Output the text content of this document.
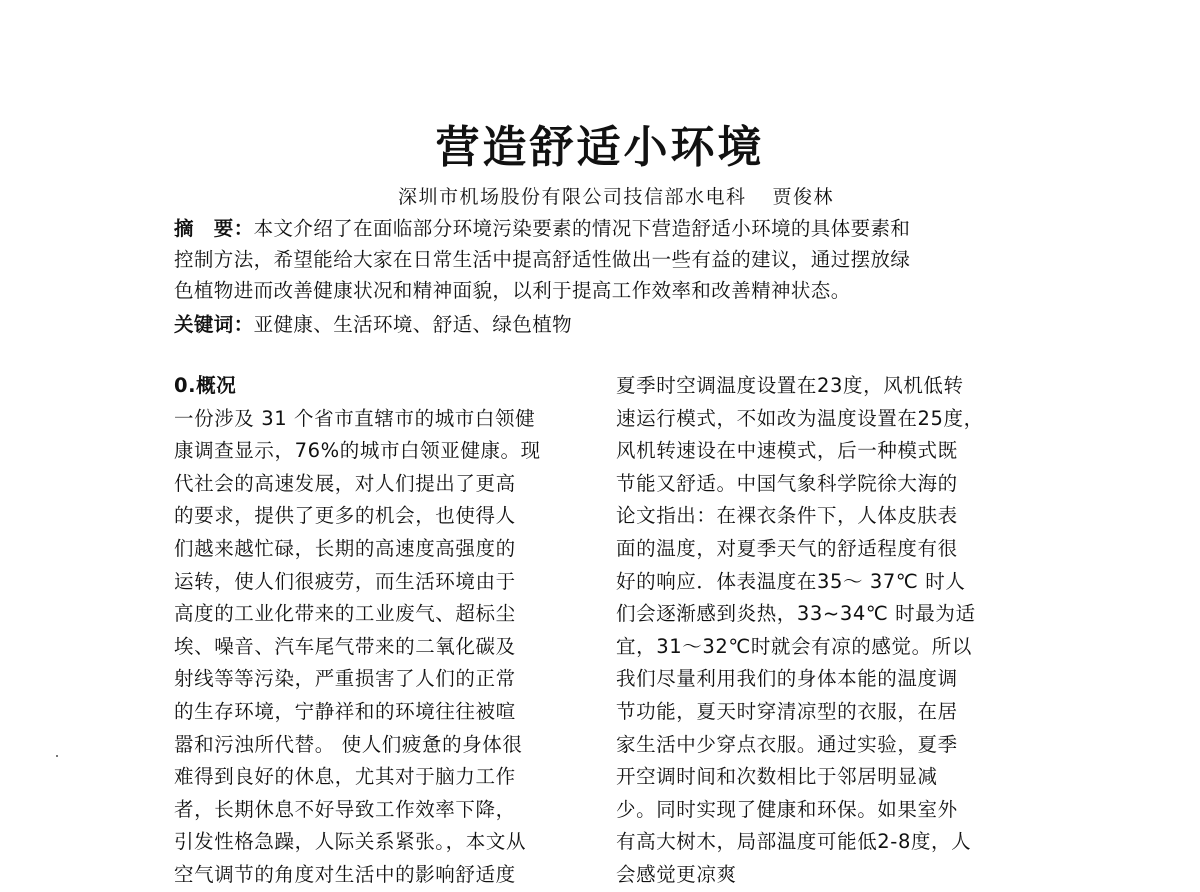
营造舒适小环境
深圳市机场股份有限公司技信部水电科 贾俊林
摘　要：本文介绍了在面临部分环境污染要素的情况下营造舒适小环境的具体要素和
控制方法，希望能给大家在日常生活中提高舒适性做出一些有益的建议，通过摆放绿
色植物进而改善健康状况和精神面貌，以利于提高工作效率和改善精神状态。
关键词：亚健康、生活环境、舒适、绿色植物
0.概况
一份涉及 31 个省市直辖市的城市白领健
康调查显示，76%的城市白领亚健康。现
代社会的高速发展，对人们提出了更高
的要求，提供了更多的机会，也使得人
们越来越忙碌，长期的高速度高强度的
运转，使人们很疲劳，而生活环境由于
高度的工业化带来的工业废气、超标尘
埃、噪音、汽车尾气带来的二氧化碳及
射线等等污染，严重损害了人们的正常
的生存环境，宁静祥和的环境往往被喧
嚣和污浊所代替。 使人们疲惫的身体很
难得到良好的休息，尤其对于脑力工作
者，长期休息不好导致工作效率下降，
引发性格急躁，人际关系紧张。，本文从
空气调节的角度对生活中的影响舒适度
夏季时空调温度设置在23度，风机低转
速运行模式，不如改为温度设置在25度，
风机转速设在中速模式，后一种模式既
节能又舒适。中国气象科学院徐大海的
论文指出：在裸衣条件下，人体皮肤表
面的温度，对夏季天气的舒适程度有很
好的响应．体表温度在35～ 37℃ 时人
们会逐渐感到炎热，33~34℃ 时最为适
宜，31～32℃时就会有凉的感觉。所以
我们尽量利用我们的身体本能的温度调
节功能，夏天时穿清凉型的衣服，在居
家生活中少穿点衣服。通过实验，夏季
开空调时间和次数相比于邻居明显减
少。同时实现了健康和环保。如果室外
有高大树木，局部温度可能低2-8度，人
会感觉更凉爽
